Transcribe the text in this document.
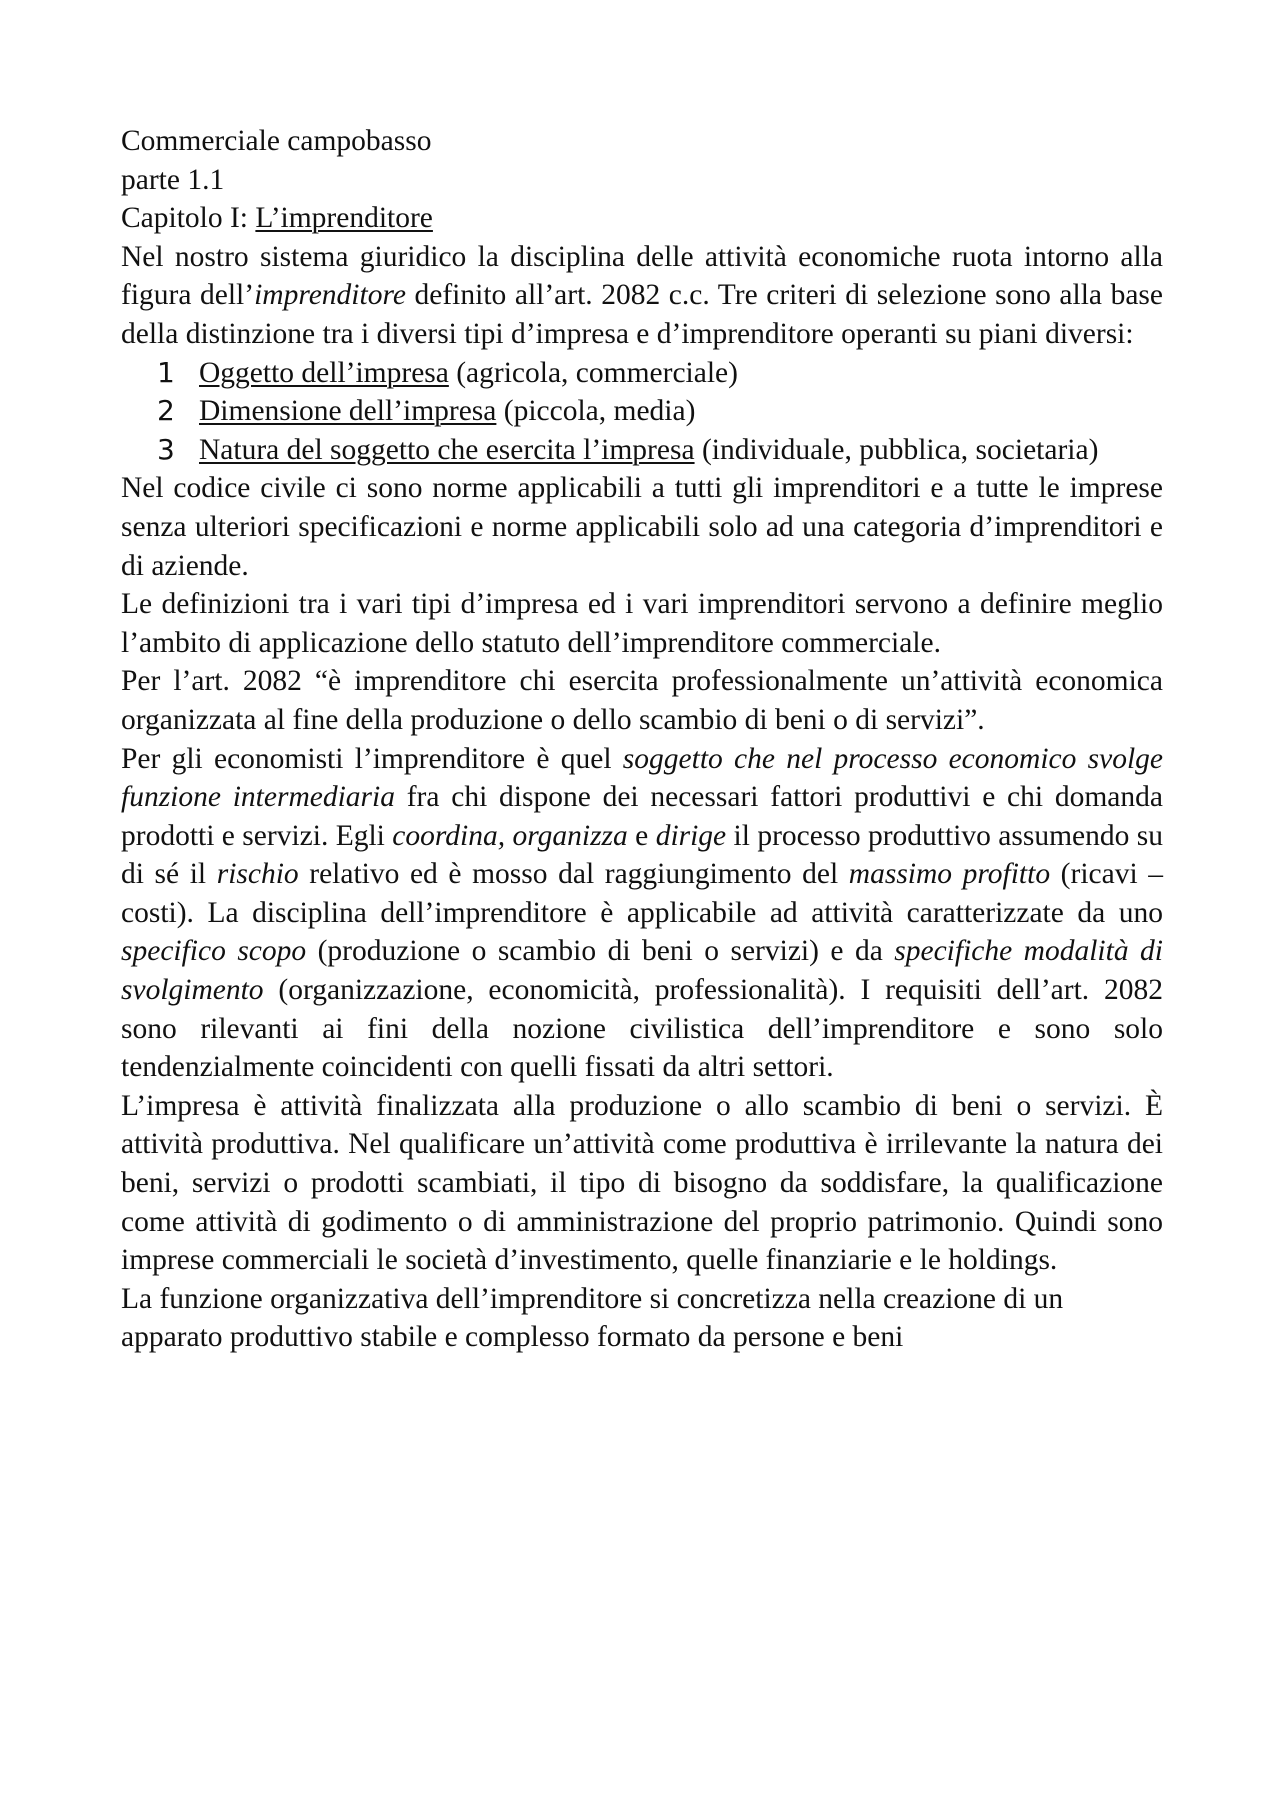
Commerciale campobasso
parte 1.1
Capitolo I: L’imprenditore
Nel nostro sistema giuridico la disciplina delle attività economiche ruota intorno alla figura dell’imprenditore definito all’art. 2082 c.c. Tre criteri di selezione sono alla base della distinzione tra i diversi tipi d’impresa e d’imprenditore operanti su piani diversi:
1 Oggetto dell’impresa (agricola, commerciale)
2 Dimensione dell’impresa (piccola, media)
3 Natura del soggetto che esercita l’impresa (individuale, pubblica, societaria)
Nel codice civile ci sono norme applicabili a tutti gli imprenditori e a tutte le imprese senza ulteriori specificazioni e norme applicabili solo ad una categoria d’imprenditori e di aziende.
Le definizioni tra i vari tipi d’impresa ed i vari imprenditori servono a definire meglio l’ambito di applicazione dello statuto dell’imprenditore commerciale.
Per l’art. 2082 “è imprenditore chi esercita professionalmente un’attività economica organizzata al fine della produzione o dello scambio di beni o di servizi”.
Per gli economisti l’imprenditore è quel soggetto che nel processo economico svolge funzione intermediaria fra chi dispone dei necessari fattori produttivi e chi domanda prodotti e servizi. Egli coordina, organizza e dirige il processo produttivo assumendo su di sé il rischio relativo ed è mosso dal raggiungimento del massimo profitto (ricavi – costi). La disciplina dell’imprenditore è applicabile ad attività caratterizzate da uno specifico scopo (produzione o scambio di beni o servizi) e da specifiche modalità di svolgimento (organizzazione, economicità, professionalità). I requisiti dell’art. 2082 sono rilevanti ai fini della nozione civilistica dell’imprenditore e sono solo tendenzialmente coincidenti con quelli fissati da altri settori.
L’impresa è attività finalizzata alla produzione o allo scambio di beni o servizi. È attività produttiva. Nel qualificare un’attività come produttiva è irrilevante la natura dei beni, servizi o prodotti scambiati, il tipo di bisogno da soddisfare, la qualificazione come attività di godimento o di amministrazione del proprio patrimonio. Quindi sono imprese commerciali le società d’investimento, quelle finanziarie e le holdings.
La funzione organizzativa dell’imprenditore si concretizza nella creazione di un apparato produttivo stabile e complesso formato da persone e beni
